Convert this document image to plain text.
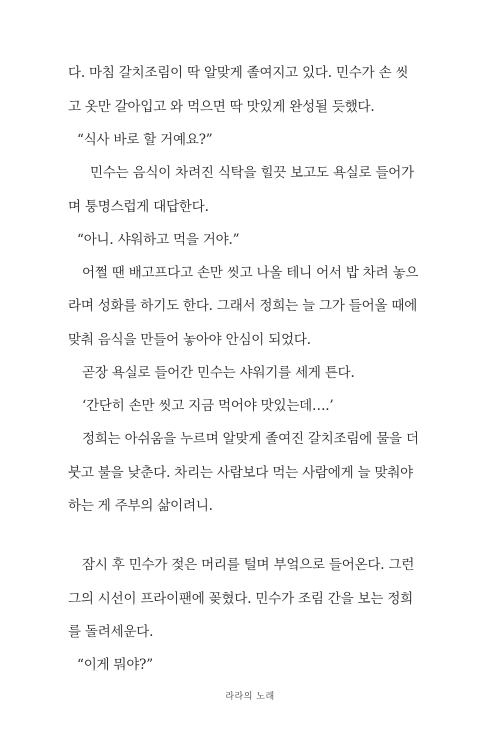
다. 마침 갈치조림이 딱 알맞게 졸여지고 있다. 민수가 손 씻
고 옷만 갈아입고 와 먹으면 딱 맛있게 완성될 듯했다.
“식사 바로 할 거예요?”
민수는 음식이 차려진 식탁을 힐끗 보고도 욕실로 들어가
며 퉁명스럽게 대답한다.
“아니. 샤워하고 먹을 거야.”
어쩔 땐 배고프다고 손만 씻고 나올 테니 어서 밥 차려 놓으
라며 성화를 하기도 한다. 그래서 정희는 늘 그가 들어올 때에
맞춰 음식을 만들어 놓아야 안심이 되었다.
곧장 욕실로 들어간 민수는 샤워기를 세게 튼다.
‘간단히 손만 씻고 지금 먹어야 맛있는데….’
정희는 아쉬움을 누르며 알맞게 졸여진 갈치조림에 물을 더
붓고 불을 낮춘다. 차리는 사람보다 먹는 사람에게 늘 맞춰야
하는 게 주부의 삶이려니.
잠시 후 민수가 젖은 머리를 털며 부엌으로 들어온다. 그런
그의 시선이 프라이팬에 꽂혔다. 민수가 조림 간을 보는 정희
를 돌려세운다.
“이게 뭐야?”
라라의 노래
